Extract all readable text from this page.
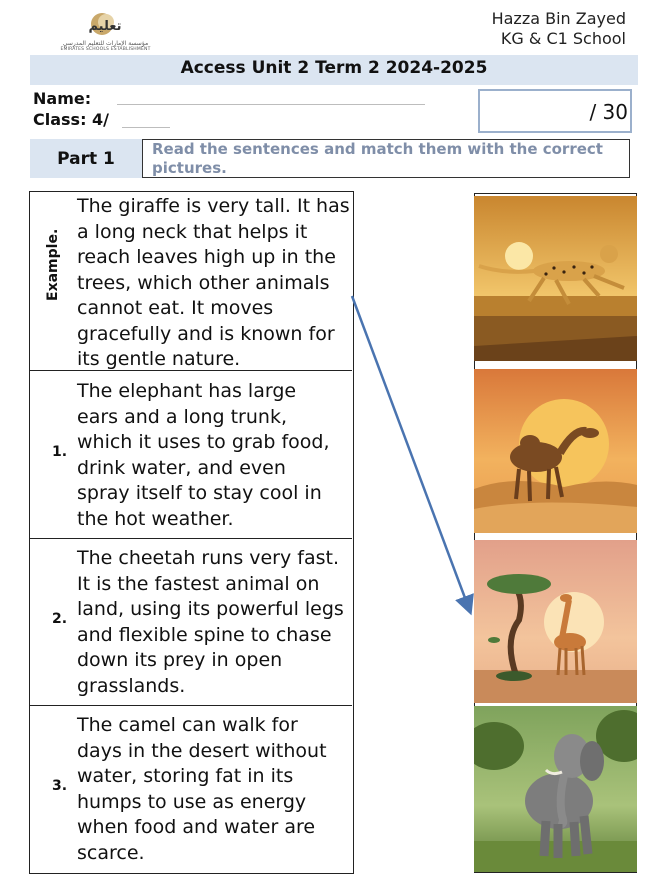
تعليم
مؤسسة الإمارات للتعليم المدرسي
EMIRATES SCHOOLS ESTABLISHMENT
Hazza Bin Zayed
KG & C1 School
Access Unit 2 Term 2 2024-2025
Name:
Class: 4/	/ 30
Part 1	Read the sentences and match them with the correct pictures.
Example.
The giraffe is very tall. It has
a long neck that helps it
reach leaves high up in the
trees, which other animals
cannot eat. It moves
gracefully and is known for
its gentle nature.
1.
The elephant has large
ears and a long trunk,
which it uses to grab food,
drink water, and even
spray itself to stay cool in
the hot weather.
2.
The cheetah runs very fast.
It is the fastest animal on
land, using its powerful legs
and flexible spine to chase
down its prey in open
grasslands.
3.
The camel can walk for
days in the desert without
water, storing fat in its
humps to use as energy
when food and water are
scarce.
